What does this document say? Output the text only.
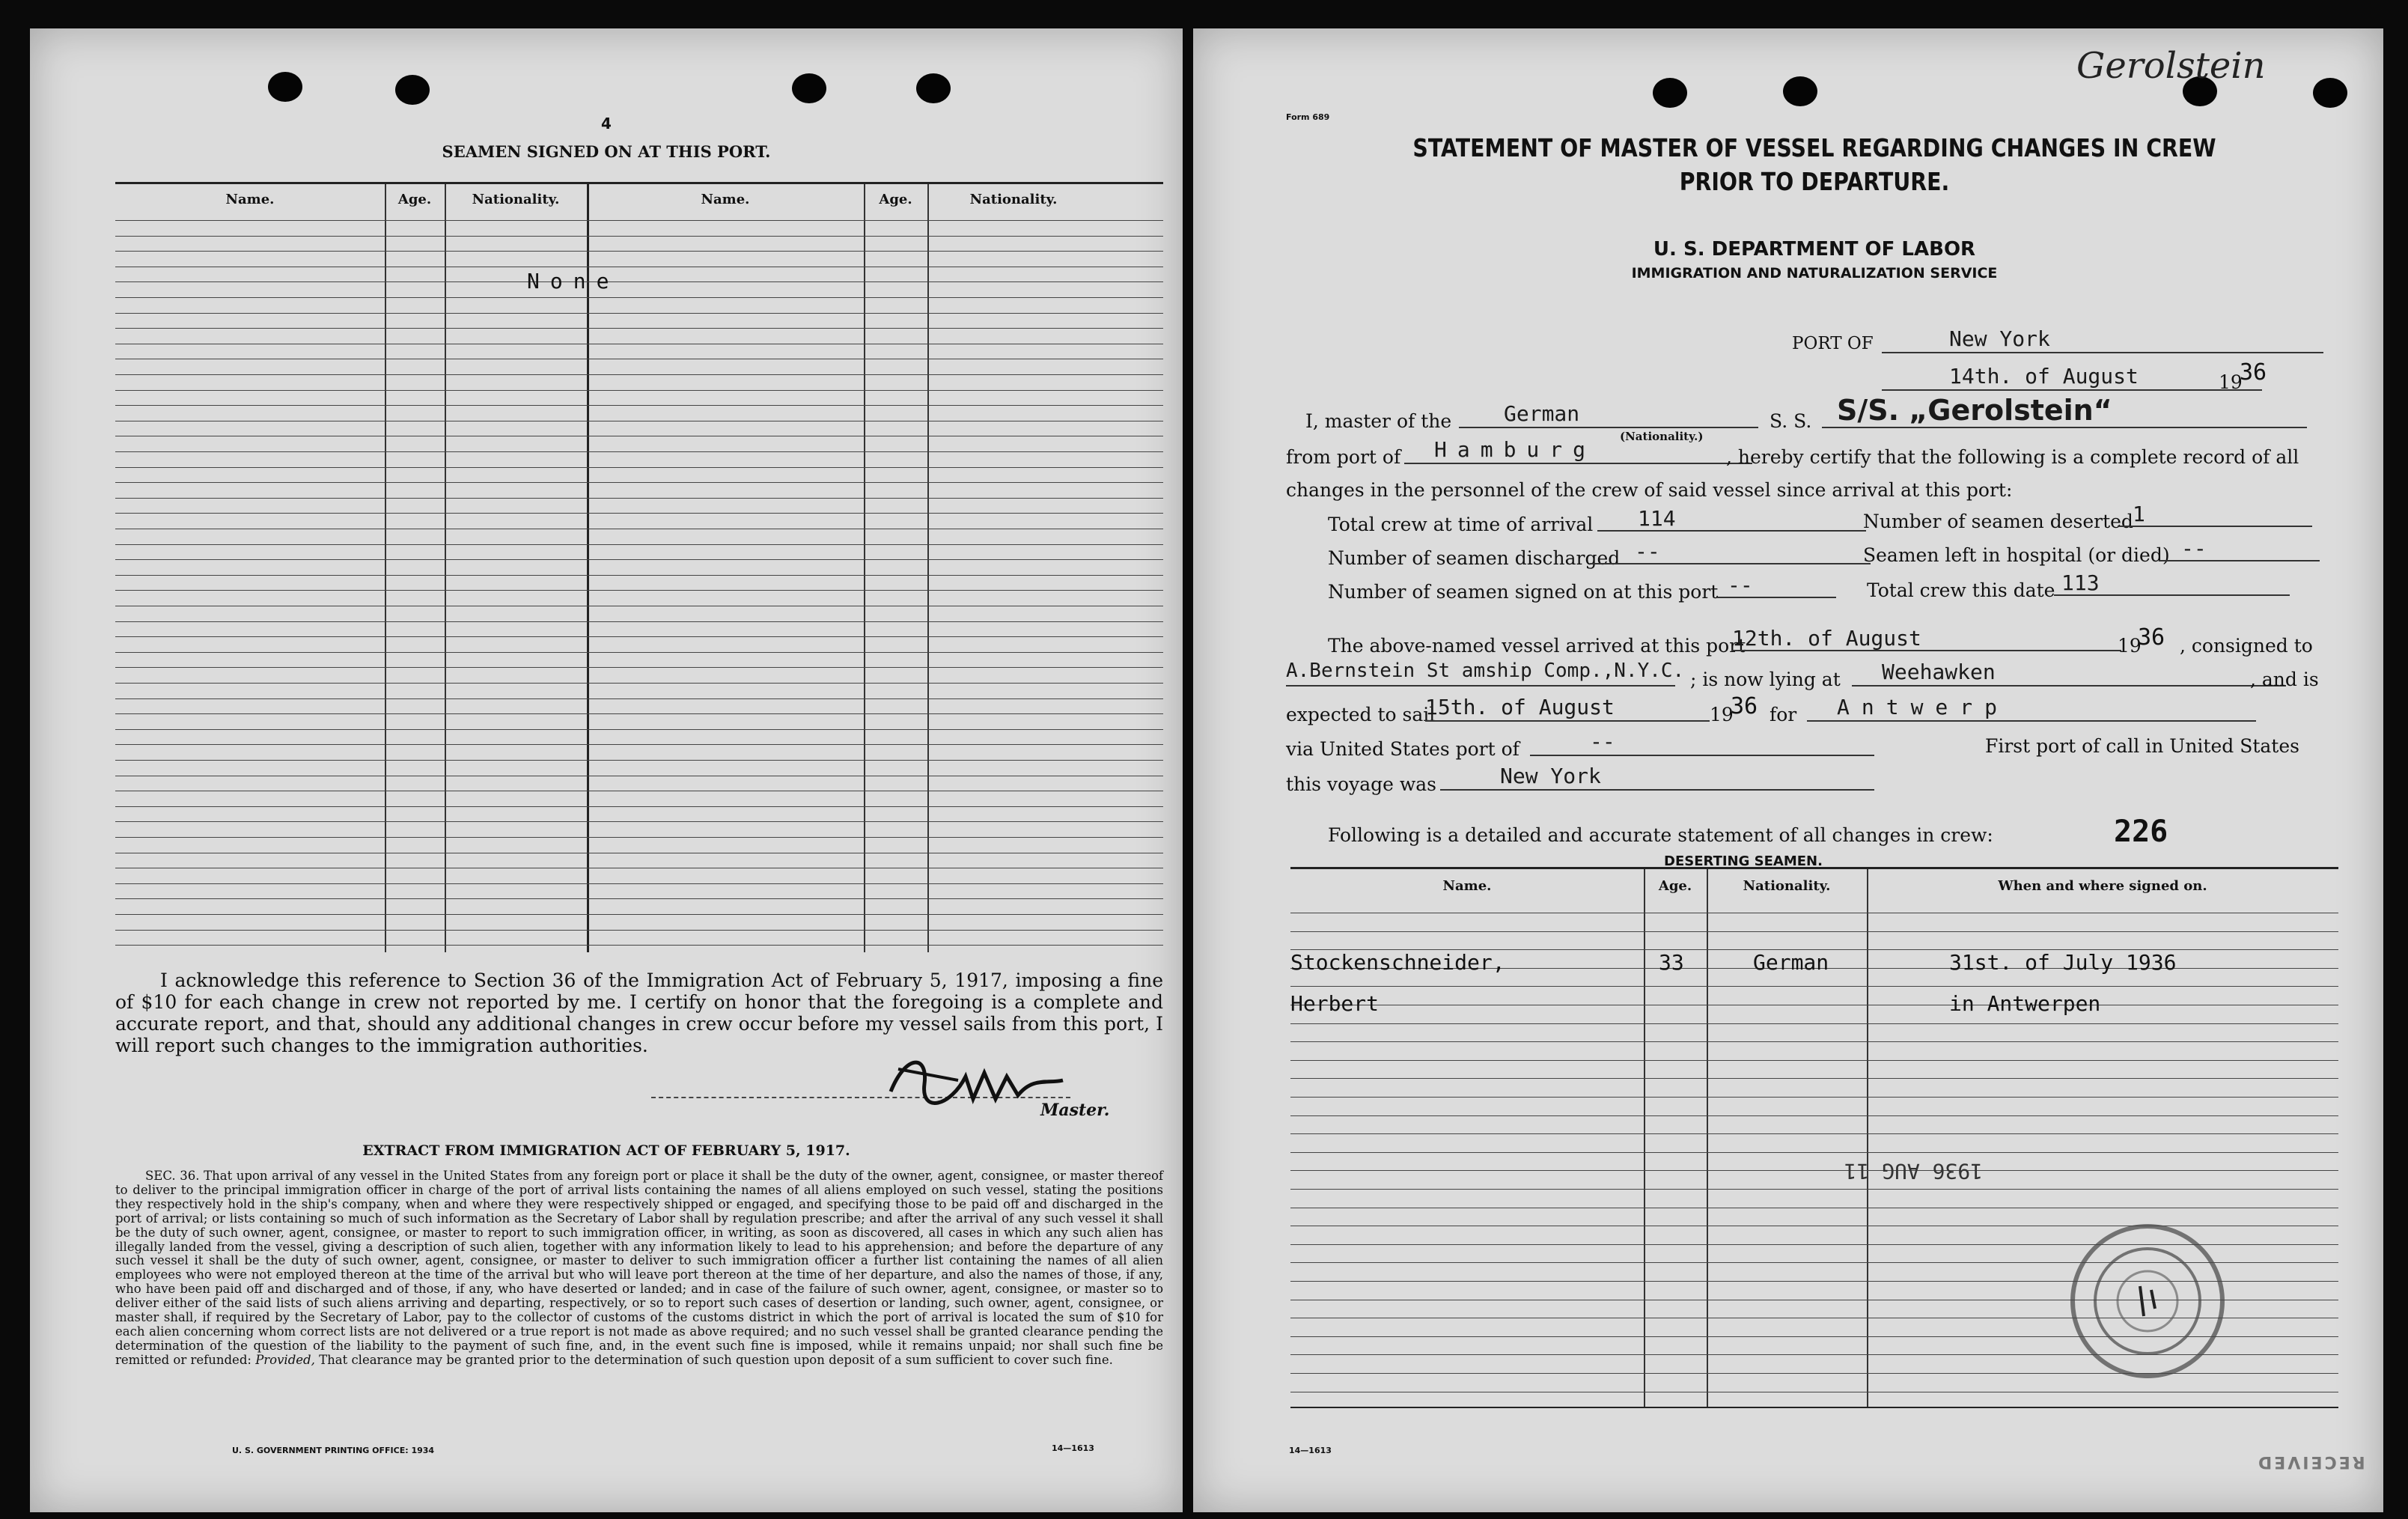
4
SEAMEN SIGNED ON AT THIS PORT.
Name.	Age.	Nationality.	Name.	Age.	Nationality.
None
I acknowledge this reference to Section 36 of the Immigration Act of February 5, 1917, imposing a fine of $10 for each change in crew not reported by me. I certify on honor that the foregoing is a complete and accurate report, and that, should any additional changes in crew occur before my vessel sails from this port, I will report such changes to the immigration authorities.
Master.
EXTRACT FROM IMMIGRATION ACT OF FEBRUARY 5, 1917.
SEC. 36. That upon arrival of any vessel in the United States from any foreign port or place it shall be the duty of the owner, agent, consignee, or master thereof to deliver to the principal immigration officer in charge of the port of arrival lists containing the names of all aliens employed on such vessel, stating the positions they respectively hold in the ship's company, when and where they were respectively shipped or engaged, and specifying those to be paid off and discharged in the port of arrival; or lists containing so much of such information as the Secretary of Labor shall by regulation prescribe; and after the arrival of any such vessel it shall be the duty of such owner, agent, consignee, or master to report to such immigration officer, in writing, as soon as discovered, all cases in which any such alien has illegally landed from the vessel, giving a description of such alien, together with any information likely to lead to his apprehension; and before the departure of any such vessel it shall be the duty of such owner, agent, consignee, or master to deliver to such immigration officer a further list containing the names of all alien employees who were not employed thereon at the time of the arrival but who will leave port thereon at the time of her departure, and also the names of those, if any, who have been paid off and discharged and of those, if any, who have deserted or landed; and in case of the failure of such owner, agent, consignee, or master so to deliver either of the said lists of such aliens arriving and departing, respectively, or so to report such cases of desertion or landing, such owner, agent, consignee, or master shall, if required by the Secretary of Labor, pay to the collector of customs of the customs district in which the port of arrival is located the sum of $10 for each alien concerning whom correct lists are not delivered or a true report is not made as above required; and no such vessel shall be granted clearance pending the determination of the question of the liability to the payment of such fine, and, in the event such fine is imposed, while it remains unpaid; nor shall such fine be remitted or refunded: Provided, That clearance may be granted prior to the determination of such question upon deposit of a sum sufficient to cover such fine.
U. S. GOVERNMENT PRINTING OFFICE: 1934	14—1613
Gerolstein
Form 689
STATEMENT OF MASTER OF VESSEL REGARDING CHANGES IN CREW
PRIOR TO DEPARTURE.
U. S. DEPARTMENT OF LABOR
IMMIGRATION AND NATURALIZATION SERVICE
PORT OF	New York
14th. of August	19
36
I, master of the	German
(Nationality.)
S. S. S/S. „Gerolstein“
from port of	Hamburg	, hereby certify that the following is a complete record of all
changes in the personnel of the crew of said vessel since arrival at this port:
Total crew at time of arrival	114
Number of seamen discharged --
Number of seamen signed on at this port --
Number of seamen deserted 1
Seamen left in hospital (or died) --
Total crew this date 113
The above-named vessel arrived at this port
12th. of August	19
36 , consigned to
A.Bernstein St amship Comp.,N.Y.C. ; is now lying at	Weehawken	, and is
expected to sail
15th. of August	19
36 for	Antwerp
via United States port of	--	First port of call in United States
this voyage was	New York
Following is a detailed and accurate statement of all changes in crew:	226
DESERTING SEAMEN.
Name.	Age.	Nationality.	When and where signed on.
Stockenschneider,
Herbert
33	German	31st. of July 1936
in Antwerpen
1936 AUG 11
RECEIVED
14—1613
